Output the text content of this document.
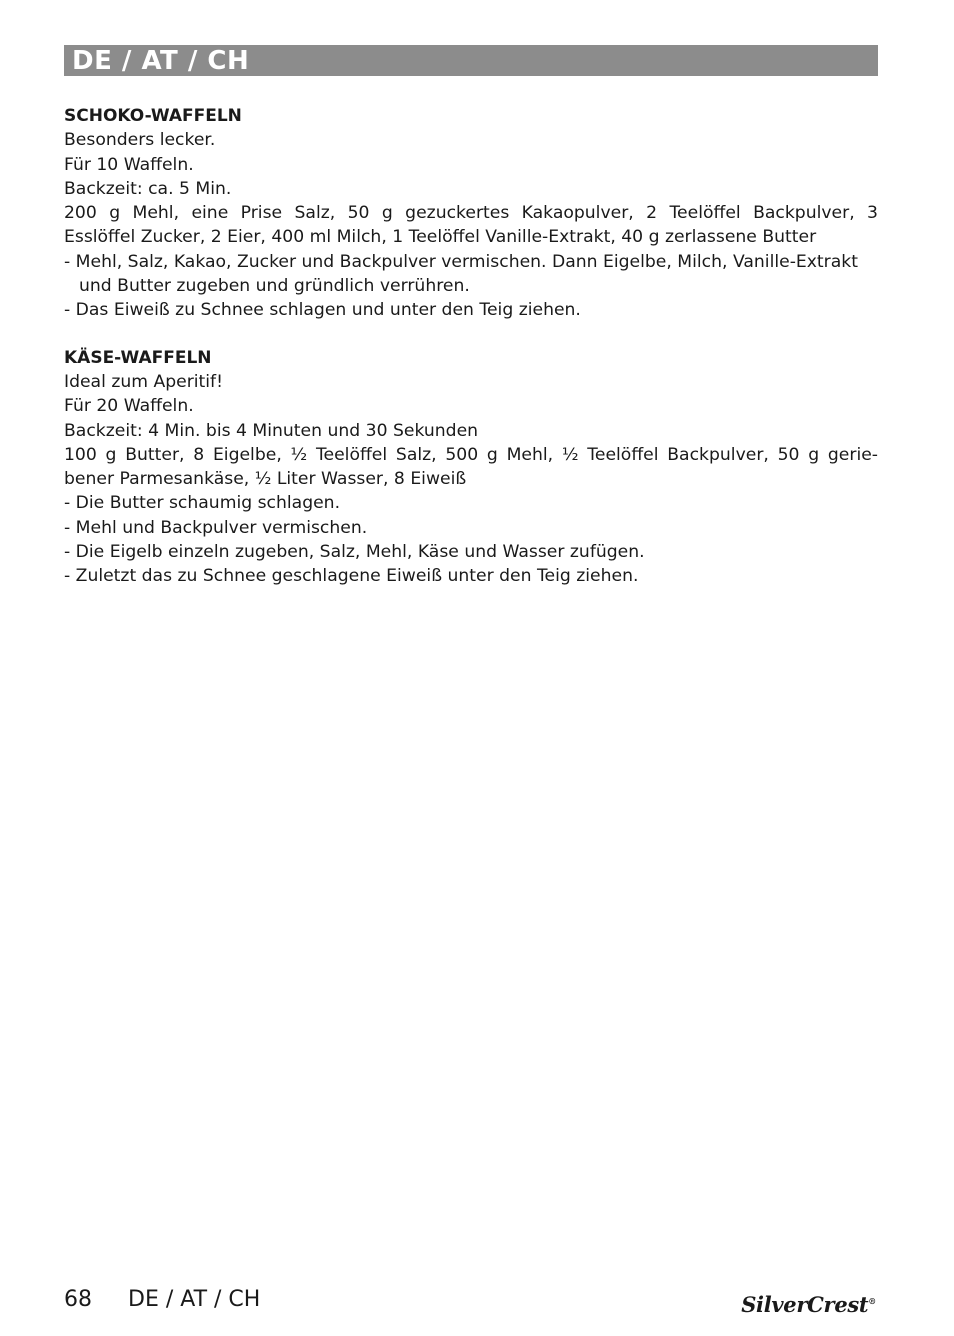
DE / AT / CH

SCHOKO-WAFFELN

Besonders lecker.

Für 10 Waffeln.

Backzeit: ca. 5 Min.

200 g Mehl, eine Prise Salz, 50 g gezuckertes Kakaopulver, 2 Teelöffel Backpulver, 3

Esslöffel Zucker, 2 Eier, 400 ml Milch, 1 Teelöffel Vanille-Extrakt, 40 g zerlassene Butter

- Mehl, Salz, Kakao, Zucker und Backpulver vermischen. Dann Eigelbe, Milch, Vanille-Extrakt und Butter zugeben und gründlich verrühren.

- Das Eiweiß zu Schnee schlagen und unter den Teig ziehen.

KÄSE-WAFFELN

Ideal zum Aperitif!

Für 20 Waffeln.

Backzeit: 4 Min. bis 4 Minuten und 30 Sekunden

100 g Butter, 8 Eigelbe, ½ Teelöffel Salz, 500 g Mehl, ½ Teelöffel Backpulver, 50 g gerie-

bener Parmesankäse, ½ Liter Wasser, 8 Eiweiß

- Die Butter schaumig schlagen.

- Mehl und Backpulver vermischen.

- Die Eigelb einzeln zugeben, Salz, Mehl, Käse und Wasser zufügen.

- Zuletzt das zu Schnee geschlagene Eiweiß unter den Teig ziehen.

68 DE / AT / CH	SilverCrest®
